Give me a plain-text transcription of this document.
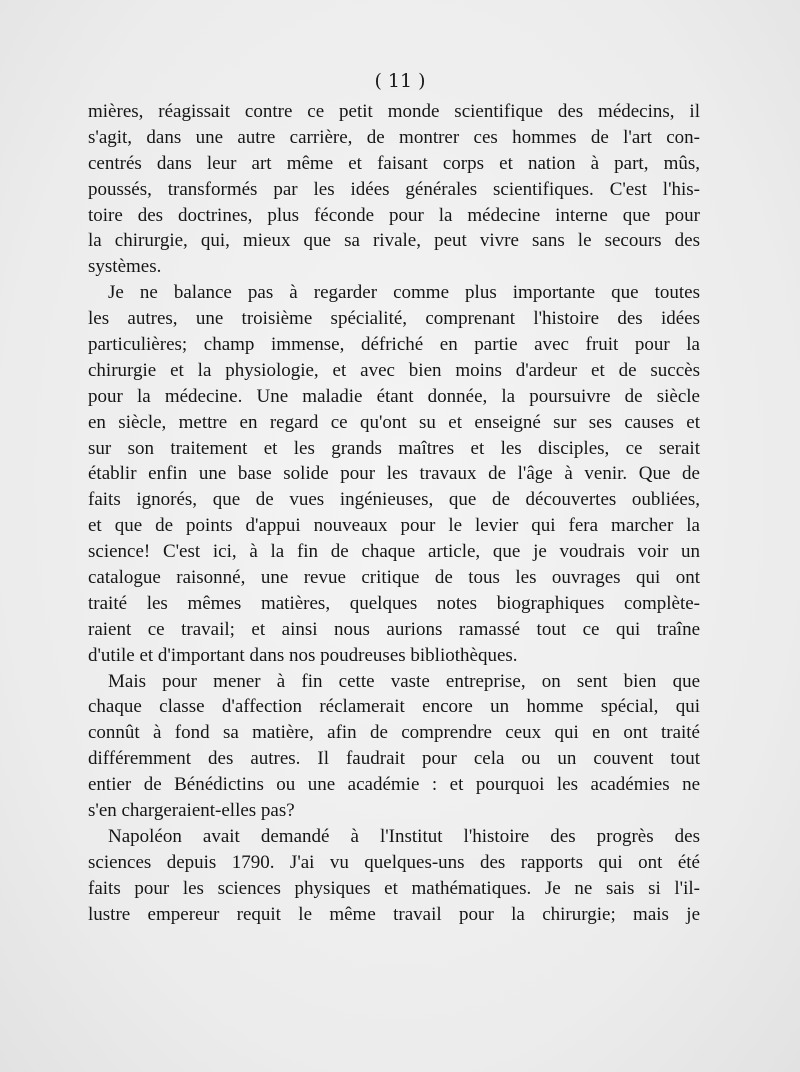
( 11 )
mières, réagissait contre ce petit monde scientifique des médecins, il
s'agit, dans une autre carrière, de montrer ces hommes de l'art con-
centrés dans leur art même et faisant corps et nation à part, mûs,
poussés, transformés par les idées générales scientifiques. C'est l'his-
toire des doctrines, plus féconde pour la médecine interne que pour
la chirurgie, qui, mieux que sa rivale, peut vivre sans le secours des
systèmes.
Je ne balance pas à regarder comme plus importante que toutes
les autres, une troisième spécialité, comprenant l'histoire des idées
particulières; champ immense, défriché en partie avec fruit pour la
chirurgie et la physiologie, et avec bien moins d'ardeur et de succès
pour la médecine. Une maladie étant donnée, la poursuivre de siècle
en siècle, mettre en regard ce qu'ont su et enseigné sur ses causes et
sur son traitement et les grands maîtres et les disciples, ce serait
établir enfin une base solide pour les travaux de l'âge à venir. Que de
faits ignorés, que de vues ingénieuses, que de découvertes oubliées,
et que de points d'appui nouveaux pour le levier qui fera marcher la
science! C'est ici, à la fin de chaque article, que je voudrais voir un
catalogue raisonné, une revue critique de tous les ouvrages qui ont
traité les mêmes matières, quelques notes biographiques complète-
raient ce travail; et ainsi nous aurions ramassé tout ce qui traîne
d'utile et d'important dans nos poudreuses bibliothèques.
Mais pour mener à fin cette vaste entreprise, on sent bien que
chaque classe d'affection réclamerait encore un homme spécial, qui
connût à fond sa matière, afin de comprendre ceux qui en ont traité
différemment des autres. Il faudrait pour cela ou un couvent tout
entier de Bénédictins ou une académie : et pourquoi les académies ne
s'en chargeraient-elles pas?
Napoléon avait demandé à l'Institut l'histoire des progrès des
sciences depuis 1790. J'ai vu quelques-uns des rapports qui ont été
faits pour les sciences physiques et mathématiques. Je ne sais si l'il-
lustre empereur requit le même travail pour la chirurgie; mais je
